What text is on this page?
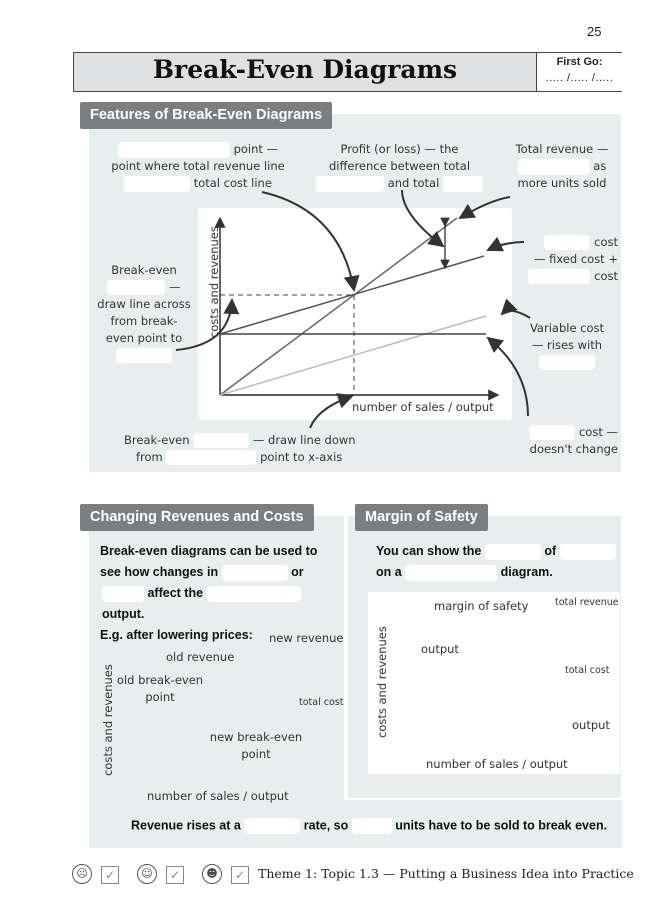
25
Break-Even Diagrams	First Go:
..... /..... /.....
Features of Break-Even Diagrams
point —
point where total revenue line
total cost line
Profit (or loss) — the
difference between total
and total
Total revenue —
as
more units sold
cost
— fixed cost +
cost
Break-even
—
draw line across
from break-
even point to
Variable cost
— rises with
cost —
doesn't change
Break-even	— draw line down
from	point to x-axis
number of sales / output
costs and revenues
Changing Revenues and Costs
Break-even diagrams can be used to
see how changes in	or
affect the  output.
E.g. after lowering prices:	new revenue
old revenue
old break-even
point	total cost
new break-even
point
number of sales / output
costs and revenues
Revenue rises at a	rate, so	units have to be sold to break even.
Margin of Safety
You can show the	of
on a	diagram.
margin of safety	total revenue
output
total cost
output
number of sales / output
costs and revenues
☹	✓	☺	✓	☻	✓	Theme 1: Topic 1.3 — Putting a Business Idea into Practice
